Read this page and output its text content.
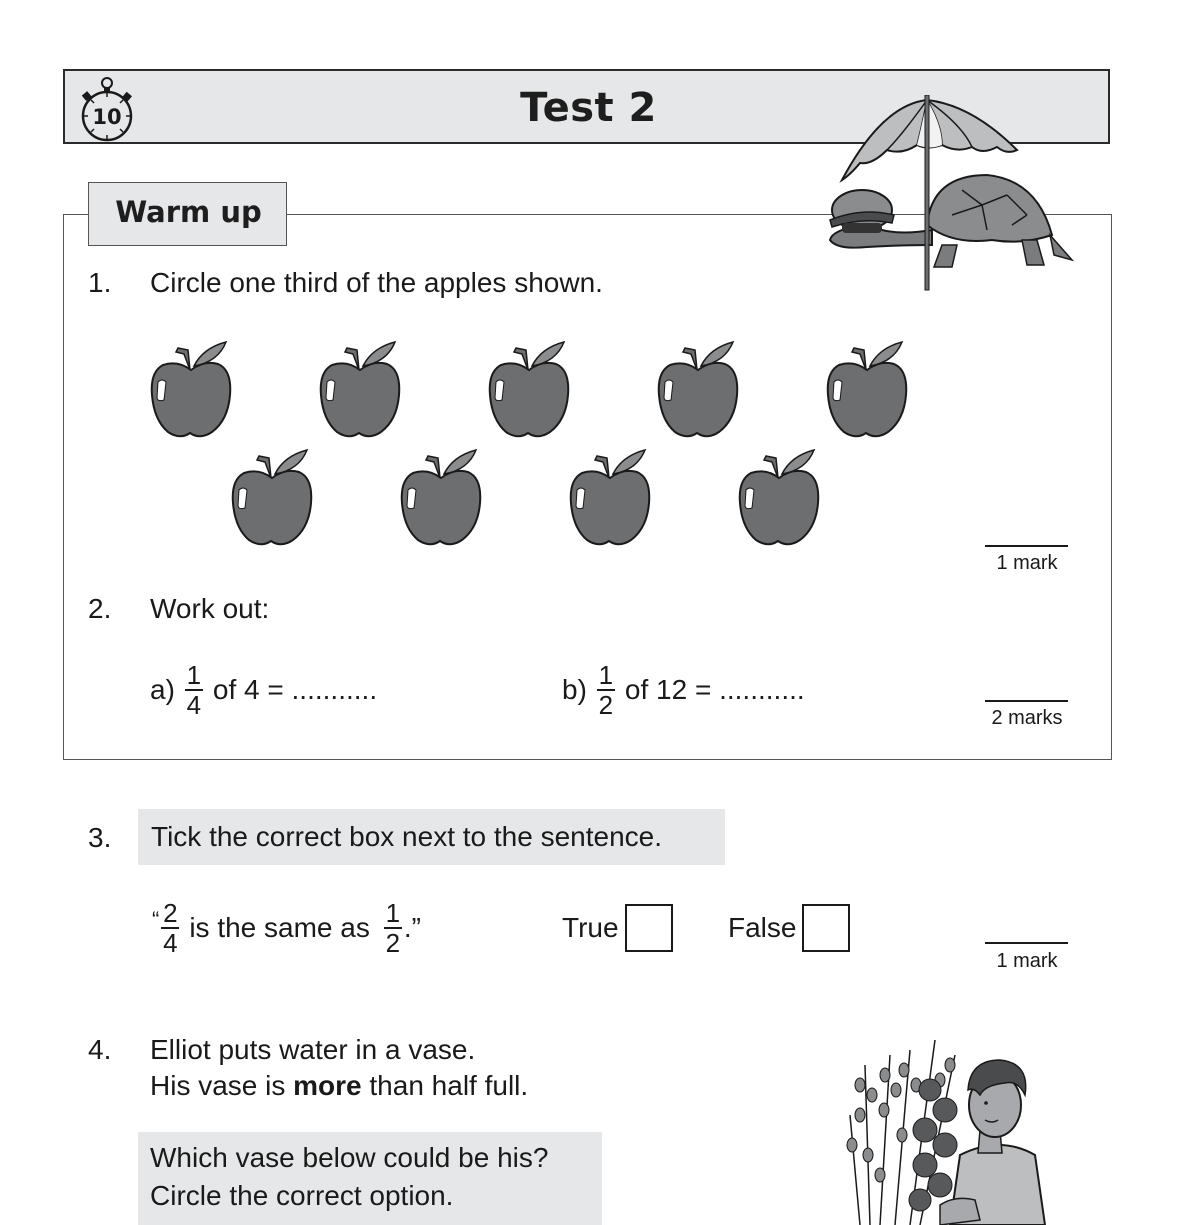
10	Test 2
Warm up
1. Circle one third of the apples shown.
1 mark
2. Work out:
$a) \frac{1}{4}$ of 4 = ...........	$b) \frac{1}{2}$ of 12 = ...........
2 marks
3.	Tick the correct box next to the sentence.
“ $\frac{2}{4}$ is the same as $\frac{1}{2}$ .”	True	False
1 mark
4. Elliot puts water in a vase.
His vase is more than half full.
Which vase below could be his?
Circle the correct option.
